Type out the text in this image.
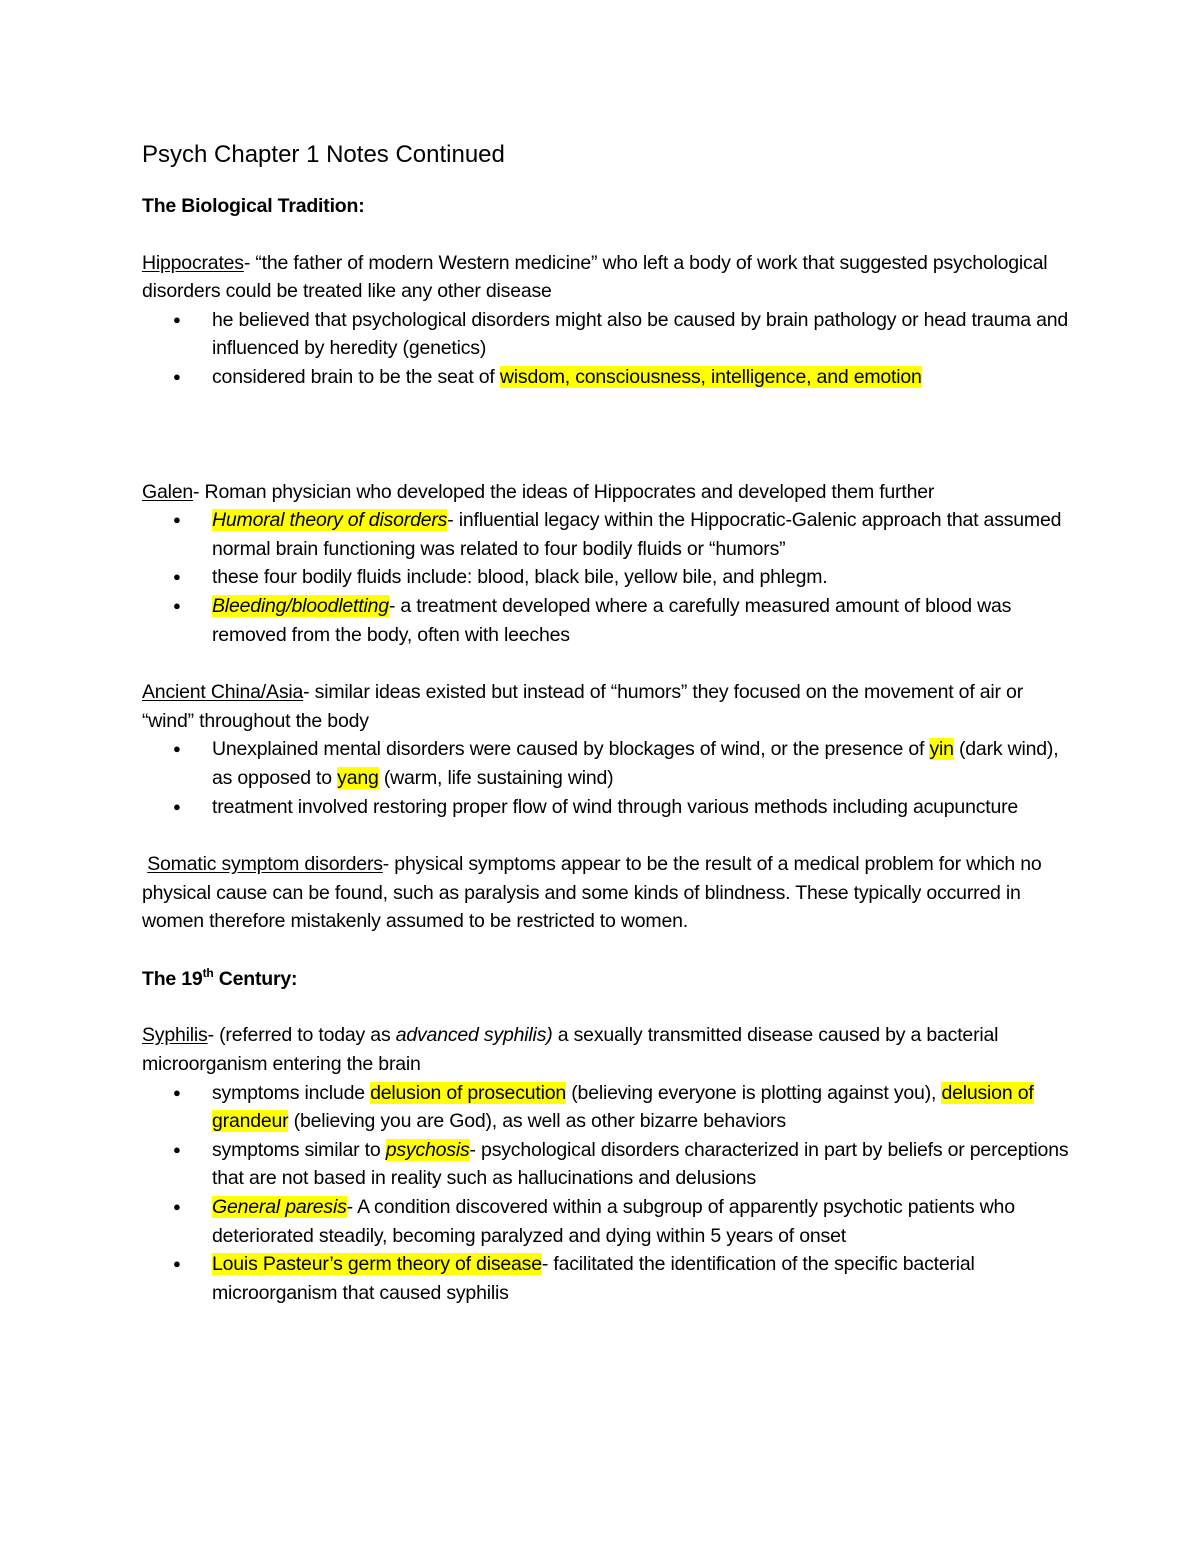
Psych Chapter 1 Notes Continued

The Biological Tradition:

Hippocrates- “the father of modern Western medicine” who left a body of work that suggested psychological disorders could be treated like any other disease

● he believed that psychological disorders might also be caused by brain pathology or head trauma and influenced by heredity (genetics)
● considered brain to be the seat of wisdom, consciousness, intelligence, and emotion

Galen- Roman physician who developed the ideas of Hippocrates and developed them further

● Humoral theory of disorders- influential legacy within the Hippocratic-Galenic approach that assumed normal brain functioning was related to four bodily fluids or “humors”
● these four bodily fluids include: blood, black bile, yellow bile, and phlegm.
● Bleeding/bloodletting- a treatment developed where a carefully measured amount of blood was removed from the body, often with leeches

Ancient China/Asia- similar ideas existed but instead of “humors” they focused on the movement of air or “wind” throughout the body

● Unexplained mental disorders were caused by blockages of wind, or the presence of yin (dark wind), as opposed to yang (warm, life sustaining wind)
● treatment involved restoring proper flow of wind through various methods including acupuncture

Somatic symptom disorders- physical symptoms appear to be the result of a medical problem for which no physical cause can be found, such as paralysis and some kinds of blindness. These typically occurred in women therefore mistakenly assumed to be restricted to women.

The 19th Century:

Syphilis- (referred to today as advanced syphilis) a sexually transmitted disease caused by a bacterial microorganism entering the brain

● symptoms include delusion of prosecution (believing everyone is plotting against you), delusion of grandeur (believing you are God), as well as other bizarre behaviors
● symptoms similar to psychosis- psychological disorders characterized in part by beliefs or perceptions that are not based in reality such as hallucinations and delusions
● General paresis- A condition discovered within a subgroup of apparently psychotic patients who deteriorated steadily, becoming paralyzed and dying within 5 years of onset
● Louis Pasteur’s germ theory of disease- facilitated the identification of the specific bacterial microorganism that caused syphilis
